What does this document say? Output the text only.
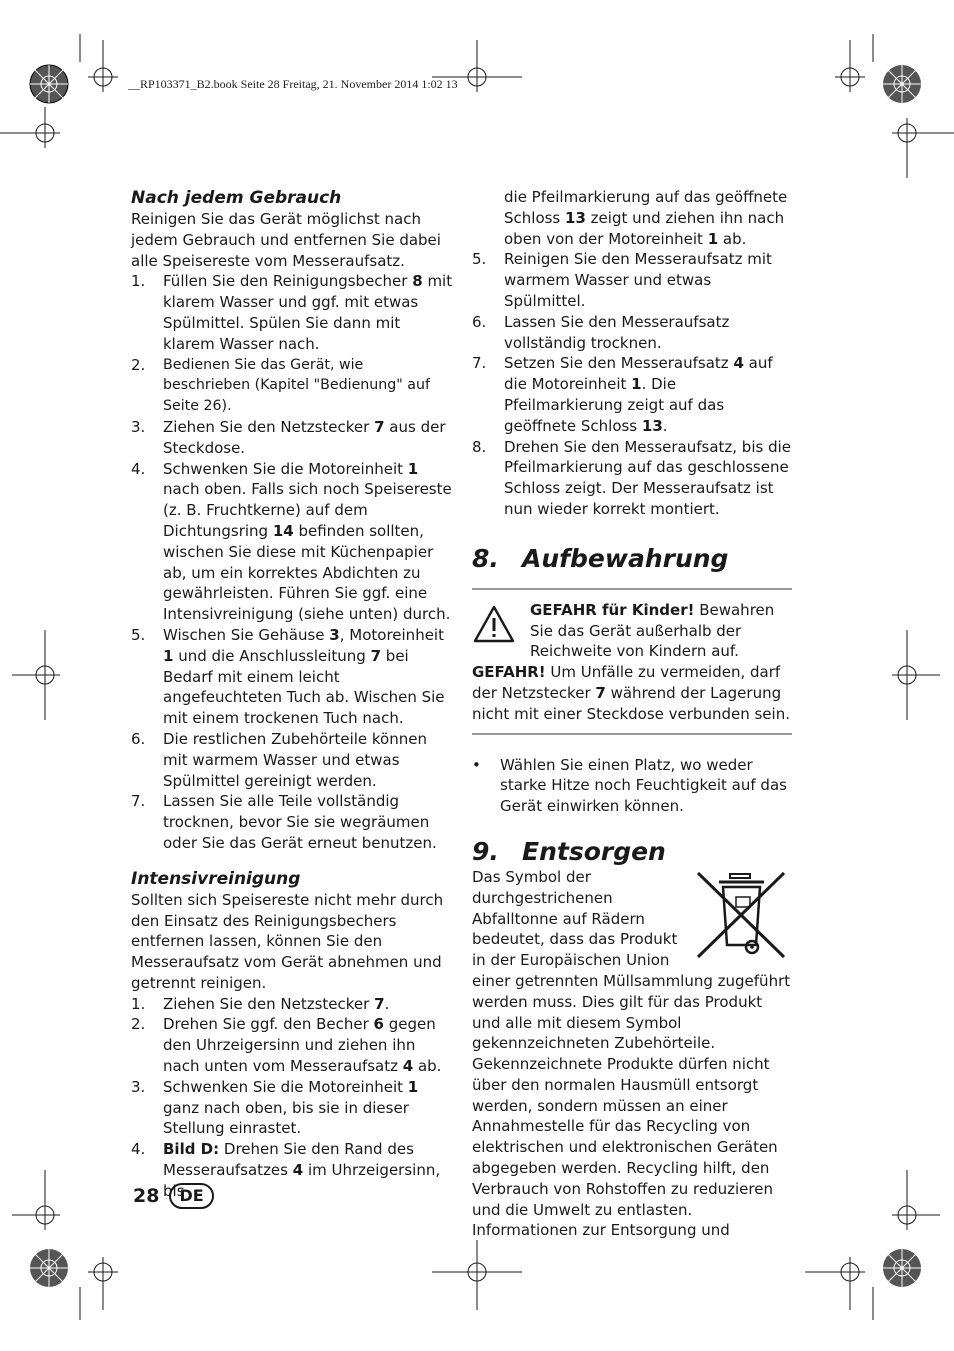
__RP103371_B2.book Seite 28 Freitag, 21. November 2014 1:02 13
Nach jedem Gebrauch

Reinigen Sie das Gerät möglichst nach jedem Gebrauch und entfernen Sie dabei alle Speisereste vom Messeraufsatz.

1. Füllen Sie den Reinigungsbecher 8 mit klarem Wasser und ggf. mit etwas Spülmittel. Spülen Sie dann mit klarem Wasser nach.
2. Bedienen Sie das Gerät, wie beschrieben (Kapitel "Bedienung" auf Seite 26).
3. Ziehen Sie den Netzstecker 7 aus der Steckdose.
4. Schwenken Sie die Motoreinheit 1 nach oben. Falls sich noch Speisereste (z. B. Fruchtkerne) auf dem Dichtungsring 14 befinden sollten, wischen Sie diese mit Küchenpapier ab, um ein korrektes Abdichten zu gewährleisten. Führen Sie ggf. eine Intensivreinigung (siehe unten) durch.
5. Wischen Sie Gehäuse 3, Motoreinheit 1 und die Anschlussleitung 7 bei Bedarf mit einem leicht angefeuchteten Tuch ab. Wischen Sie mit einem trockenen Tuch nach.
6. Die restlichen Zubehörteile können mit warmem Wasser und etwas Spülmittel gereinigt werden.
7. Lassen Sie alle Teile vollständig trocknen, bevor Sie sie wegräumen oder Sie das Gerät erneut benutzen.
Intensivreinigung

Sollten sich Speisereste nicht mehr durch den Einsatz des Reinigungsbechers entfernen lassen, können Sie den Messeraufsatz vom Gerät abnehmen und getrennt reinigen.

1. Ziehen Sie den Netzstecker 7.
2. Drehen Sie ggf. den Becher 6 gegen den Uhrzeigersinn und ziehen ihn nach unten vom Messeraufsatz 4 ab.
3. Schwenken Sie die Motoreinheit 1 ganz nach oben, bis sie in dieser Stellung einrastet.
4. Bild D: Drehen Sie den Rand des Messeraufsatzes 4 im Uhrzeigersinn, bis
die Pfeilmarkierung auf das geöffnete Schloss 13 zeigt und ziehen ihn nach oben von der Motoreinheit 1 ab.
5. Reinigen Sie den Messeraufsatz mit warmem Wasser und etwas Spülmittel.
6. Lassen Sie den Messeraufsatz vollständig trocknen.
7. Setzen Sie den Messeraufsatz 4 auf die Motoreinheit 1. Die Pfeilmarkierung zeigt auf das geöffnete Schloss 13.
8. Drehen Sie den Messeraufsatz, bis die Pfeilmarkierung auf das geschlossene Schloss zeigt. Der Messeraufsatz ist nun wieder korrekt montiert.
8. Aufbewahrung
GEFAHR für Kinder! Bewahren Sie das Gerät außerhalb der Reichweite von Kindern auf.
GEFAHR! Um Unfälle zu vermeiden, darf der Netzstecker 7 während der Lagerung nicht mit einer Steckdose verbunden sein.
• Wählen Sie einen Platz, wo weder starke Hitze noch Feuchtigkeit auf das Gerät einwirken können.
9. Entsorgen
Das Symbol der durchgestrichenen Abfalltonne auf Rädern bedeutet, dass das Produkt in der Europäischen Union einer getrennten Müllsammlung zugeführt werden muss. Dies gilt für das Produkt und alle mit diesem Symbol gekennzeichneten Zubehörteile. Gekennzeichnete Produkte dürfen nicht über den normalen Hausmüll entsorgt werden, sondern müssen an einer Annahmestelle für das Recycling von elektrischen und elektronischen Geräten abgegeben werden. Recycling hilft, den Verbrauch von Rohstoffen zu reduzieren und die Umwelt zu entlasten. Informationen zur Entsorgung und
28	DE
